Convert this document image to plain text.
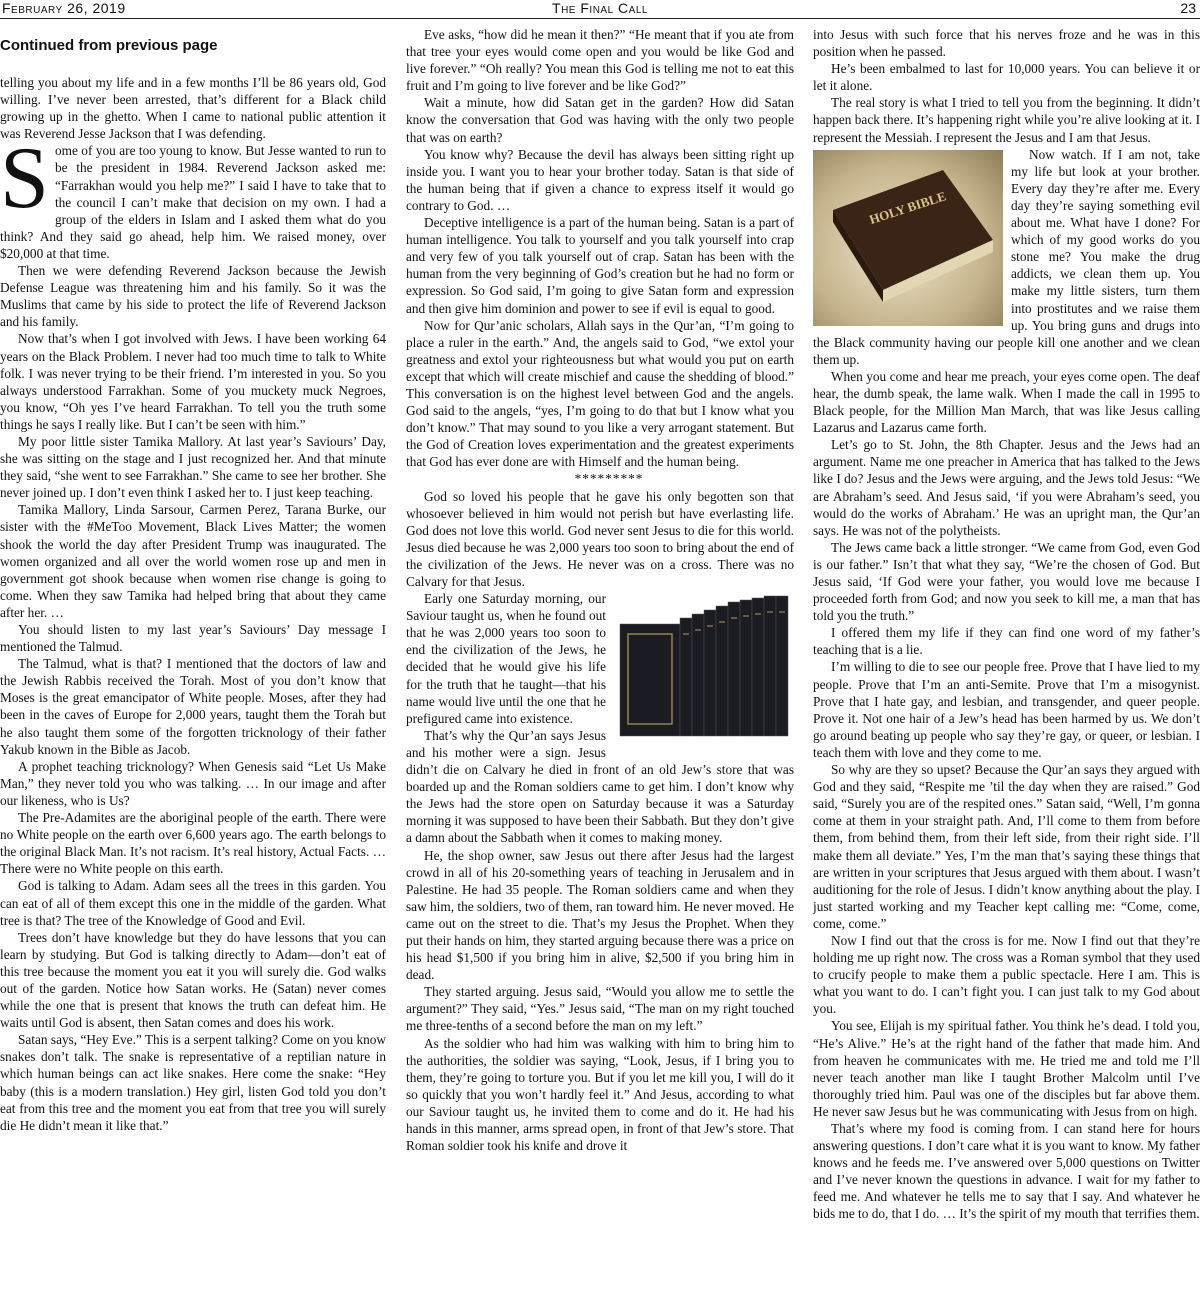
February 26, 2019	The Final Call	23
Continued from previous page

telling you about my life and in a few months I’ll be 86 years old, God willing. I’ve never been arrested, that’s different for a Black child growing up in the ghetto. When I came to national public attention it was Reverend Jesse Jackson that I was defending.

Some of you are too young to know. But Jesse wanted to run to be the president in 1984. Reverend Jackson asked me: “Farrakhan would you help me?” I said I have to take that to the council I can’t make that decision on my own. I had a group of the elders in Islam and I asked them what do you think? And they said go ahead, help him. We raised money, over $20,000 at that time.

Then we were defending Reverend Jackson because the Jewish Defense League was threatening him and his family. So it was the Muslims that came by his side to protect the life of Reverend Jackson and his family.

Now that’s when I got involved with Jews. I have been working 64 years on the Black Problem. I never had too much time to talk to White folk. I was never trying to be their friend. I’m interested in you. So you always understood Farrakhan. Some of you muckety muck Negroes, you know, “Oh yes I’ve heard Farrakhan. To tell you the truth some things he says I really like. But I can’t be seen with him.”

My poor little sister Tamika Mallory. At last year’s Saviours’ Day, she was sitting on the stage and I just recognized her. And that minute they said, “she went to see Farrakhan.” She came to see her brother. She never joined up. I don’t even think I asked her to. I just keep teaching.

Tamika Mallory, Linda Sarsour, Carmen Perez, Tarana Burke, our sister with the #MeToo Movement, Black Lives Matter; the women shook the world the day after President Trump was inaugurated. The women organized and all over the world women rose up and men in government got shook because when women rise change is going to come. When they saw Tamika had helped bring that about they came after her. …

You should listen to my last year’s Saviours’ Day message I mentioned the Talmud.

The Talmud, what is that? I mentioned that the doctors of law and the Jewish Rabbis received the Torah. Most of you don’t know that Moses is the great emancipator of White people. Moses, after they had been in the caves of Europe for 2,000 years, taught them the Torah but he also taught them some of the forgotten tricknology of their father Yakub known in the Bible as Jacob.

A prophet teaching tricknology? When Genesis said “Let Us Make Man,” they never told you who was talking. … In our image and after our likeness, who is Us?

The Pre-Adamites are the aboriginal people of the earth. There were no White people on the earth over 6,600 years ago. The earth belongs to the original Black Man. It’s not racism. It’s real history, Actual Facts. … There were no White people on this earth.

God is talking to Adam. Adam sees all the trees in this garden. You can eat of all of them except this one in the middle of the garden. What tree is that? The tree of the Knowledge of Good and Evil.

Trees don’t have knowledge but they do have lessons that you can learn by studying. But God is talking directly to Adam—don’t eat of this tree because the moment you eat it you will surely die. God walks out of the garden. Notice how Satan works. He (Satan) never comes while the one that is present that knows the truth can defeat him. He waits until God is absent, then Satan comes and does his work.

Satan says, “Hey Eve.” This is a serpent talking? Come on you know snakes don’t talk. The snake is representative of a reptilian nature in which human beings can act like snakes. Here come the snake: “Hey baby (this is a modern translation.) Hey girl, listen God told you don’t eat from this tree and the moment you eat from that tree you will surely die He didn’t mean it like that.”

Eve asks, “how did he mean it then?” “He meant that if you ate from that tree your eyes would come open and you would be like God and live forever.” “Oh really? You mean this God is telling me not to eat this fruit and I’m going to live forever and be like God?”

Wait a minute, how did Satan get in the garden? How did Satan know the conversation that God was having with the only two people that was on earth?

You know why? Because the devil has always been sitting right up inside you. I want you to hear your brother today. Satan is that side of the human being that if given a chance to express itself it would go contrary to God. …

Deceptive intelligence is a part of the human being. Satan is a part of human intelligence. You talk to yourself and you talk yourself into crap and very few of you talk yourself out of crap. Satan has been with the human from the very beginning of God’s creation but he had no form or expression. So God said, I’m going to give Satan form and expression and then give him dominion and power to see if evil is equal to good.

Now for Qur’anic scholars, Allah says in the Qur’an, “I’m going to place a ruler in the earth.” And, the angels said to God, “we extol your greatness and extol your righteousness but what would you put on earth except that which will create mischief and cause the shedding of blood.” This conversation is on the highest level between God and the angels. God said to the angels, “yes, I’m going to do that but I know what you don’t know.” That may sound to you like a very arrogant statement. But the God of Creation loves experimentation and the greatest experiments that God has ever done are with Himself and the human being.

*********

God so loved his people that he gave his only begotten son that whosoever believed in him would not perish but have everlasting life. God does not love this world. God never sent Jesus to die for this world. Jesus died because he was 2,000 years too soon to bring about the end of the civilization of the Jews. He never was on a cross. There was no Calvary for that Jesus.

Early one Saturday morning, our Saviour taught us, when he found out that he was 2,000 years too soon to end the civilization of the Jews, he decided that he would give his life for the truth that he taught—that his name would live until the one that he prefigured came into existence.

That’s why the Qur’an says Jesus and his mother were a sign. Jesus didn’t die on Calvary he died in front of an old Jew’s store that was boarded up and the Roman soldiers came to get him. I don’t know why the Jews had the store open on Saturday because it was a Saturday morning it was supposed to have been their Sabbath. But they don’t give a damn about the Sabbath when it comes to making money.

He, the shop owner, saw Jesus out there after Jesus had the largest crowd in all of his 20-something years of teaching in Jerusalem and in Palestine. He had 35 people. The Roman soldiers came and when they saw him, the soldiers, two of them, ran toward him. He never moved. He came out on the street to die. That’s my Jesus the Prophet. When they put their hands on him, they started arguing because there was a price on his head $1,500 if you bring him in alive, $2,500 if you bring him in dead.

They started arguing. Jesus said, “Would you allow me to settle the argument?” They said, “Yes.” Jesus said, “The man on my right touched me three-tenths of a second before the man on my left.”

As the soldier who had him was walking with him to bring him to the authorities, the soldier was saying, “Look, Jesus, if I bring you to them, they’re going to torture you. But if you let me kill you, I will do it so quickly that you won’t hardly feel it.” And Jesus, according to what our Saviour taught us, he invited them to come and do it. He had his hands in this manner, arms spread open, in front of that Jew’s store. That Roman soldier took his knife and drove it

into Jesus with such force that his nerves froze and he was in this position when he passed.

He’s been embalmed to last for 10,000 years. You can believe it or let it alone.

The real story is what I tried to tell you from the beginning. It didn’t happen back there. It’s happening right while you’re alive looking at it. I represent the Messiah. I represent the Jesus and I am that Jesus.

HOLY BIBLE

Now watch. If I am not, take my life but look at your brother. Every day they’re after me. Every day they’re saying something evil about me. What have I done? For which of my good works do you stone me? You make the drug addicts, we clean them up. You make my little sisters, turn them into prostitutes and we raise them up. You bring guns and drugs into the Black community having our people kill one another and we clean them up.

When you come and hear me preach, your eyes come open. The deaf hear, the dumb speak, the lame walk. When I made the call in 1995 to Black people, for the Million Man March, that was like Jesus calling Lazarus and Lazarus came forth.

Let’s go to St. John, the 8th Chapter. Jesus and the Jews had an argument. Name me one preacher in America that has talked to the Jews like I do? Jesus and the Jews were arguing, and the Jews told Jesus: “We are Abraham’s seed. And Jesus said, ‘if you were Abraham’s seed, you would do the works of Abraham.’ He was an upright man, the Qur’an says. He was not of the polytheists.

The Jews came back a little stronger. “We came from God, even God is our father.” Isn’t that what they say, “We’re the chosen of God. But Jesus said, ‘If God were your father, you would love me because I proceeded forth from God; and now you seek to kill me, a man that has told you the truth.”

I offered them my life if they can find one word of my father’s teaching that is a lie.

I’m willing to die to see our people free. Prove that I have lied to my people. Prove that I’m an anti-Semite. Prove that I’m a misogynist. Prove that I hate gay, and lesbian, and transgender, and queer people. Prove it. Not one hair of a Jew’s head has been harmed by us. We don’t go around beating up people who say they’re gay, or queer, or lesbian. I teach them with love and they come to me.

So why are they so upset? Because the Qur’an says they argued with God and they said, “Respite me ’til the day when they are raised.” God said, “Surely you are of the respited ones.” Satan said, “Well, I’m gonna come at them in your straight path. And, I’ll come to them from before them, from behind them, from their left side, from their right side. I’ll make them all deviate.” Yes, I’m the man that’s saying these things that are written in your scriptures that Jesus argued with them about. I wasn’t auditioning for the role of Jesus. I didn’t know anything about the play. I just started working and my Teacher kept calling me: “Come, come, come, come.”

Now I find out that the cross is for me. Now I find out that they’re holding me up right now. The cross was a Roman symbol that they used to crucify people to make them a public spectacle. Here I am. This is what you want to do. I can’t fight you. I can just talk to my God about you.

You see, Elijah is my spiritual father. You think he’s dead. I told you, “He’s Alive.” He’s at the right hand of the father that made him. And from heaven he communicates with me. He tried me and told me I’ll never teach another man like I taught Brother Malcolm until I’ve thoroughly tried him. Paul was one of the disciples but far above them. He never saw Jesus but he was communicating with Jesus from on high.

That’s where my food is coming from. I can stand here for hours answering questions. I don’t care what it is you want to know. My father knows and he feeds me. I’ve answered over 5,000 questions on Twitter and I’ve never known the questions in advance. I wait for my father to feed me. And whatever he tells me to say that I say. And whatever he bids me to do, that I do. … It’s the spirit of my mouth that terrifies them.
